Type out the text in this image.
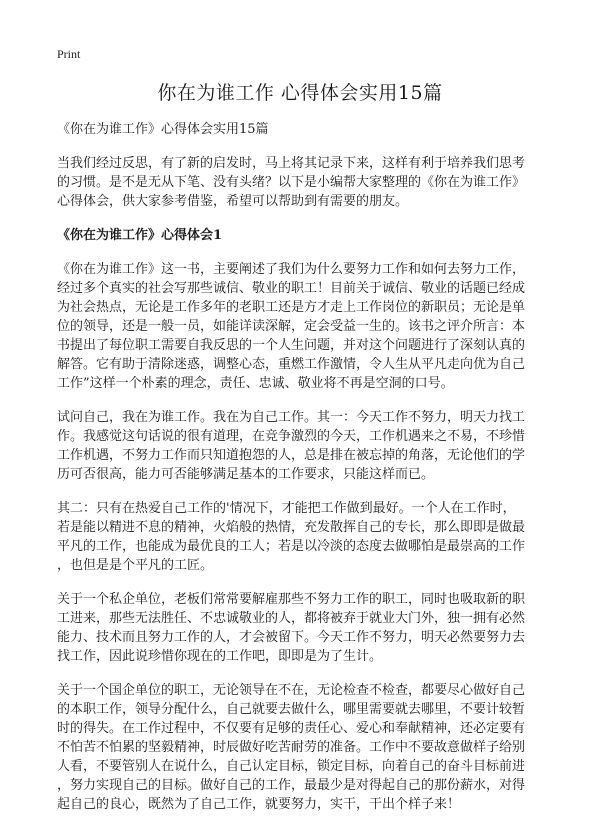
Print
你在为谁工作 心得体会实用15篇
《你在为谁工作》心得体会实用15篇
当我们经过反思，有了新的启发时，马上将其记录下来，这样有利于培养我们思考
的习惯。是不是无从下笔、没有头绪？以下是小编帮大家整理的《你在为谁工作》
心得体会，供大家参考借鉴，希望可以帮助到有需要的朋友。
《你在为谁工作》心得体会1
《你在为谁工作》这一书，主要阐述了我们为什么要努力工作和如何去努力工作，
经过多个真实的社会写那些诚信、敬业的职工！目前关于诚信、敬业的话题已经成
为社会热点，无论是工作多年的老职工还是方才走上工作岗位的新职员；无论是单
位的领导，还是一般一员，如能详读深解，定会受益一生的。该书之评介所言：本
书提出了每位职工需要自我反思的一个人生问题，并对这个问题进行了深刻认真的
解答。它有助于清除迷惑，调整心态，重燃工作激情，令人生从平凡走向优为自己
工作”这样一个朴素的理念，责任、忠诚、敬业将不再是空洞的口号。
试问自己，我在为谁工作。我在为自己工作。其一：今天工作不努力，明天力找工
作。我感觉这句话说的很有道理，在竞争激烈的今天，工作机遇来之不易，不珍惜
工作机遇，不努力工作而只知道抱怨的人，总是排在被忘掉的角落，无论他们的学
历可否很高，能力可否能够满足基本的工作要求，只能这样而已。
其二：只有在热爱自己工作的'情况下，才能把工作做到最好。一个人在工作时，
若是能以精进不息的精神，火焰般的热情，充发散挥自己的专长，那么即即是做最
平凡的工作，也能成为最优良的工人；若是以冷淡的态度去做哪怕是最崇高的工作
，也但是是个平凡的工匠。
关于一个私企单位，老板们常常要解雇那些不努力工作的职工，同时也吸取新的职
工进来，那些无法胜任、不忠诚敬业的人，都将被弃于就业大门外，独一拥有必然
能力、技术而且努力工作的人，才会被留下。今天工作不努力，明天必然要努力去
找工作，因此说珍惜你现在的工作吧，即即是为了生计。
关于一个国企单位的职工，无论领导在不在，无论检查不检查，都要尽心做好自己
的本职工作，领导分配什么，自己就要去做什么，哪里需要就去哪里，不要计较暂
时的得失。在工作过程中，不仅要有足够的责任心、爱心和奉献精神，还必定要有
不怕苦不怕累的坚毅精神，时辰做好吃苦耐劳的准备。工作中不要故意做样子给别
人看，不要管别人在说什么，自己认定目标，锁定目标，向着自己的奋斗目标前进
，努力实现自己的目标。做好自己的工作，最最少是对得起自己的那份薪水，对得
起自己的良心，既然为了自己工作，就要努力，实干，干出个样子来！
